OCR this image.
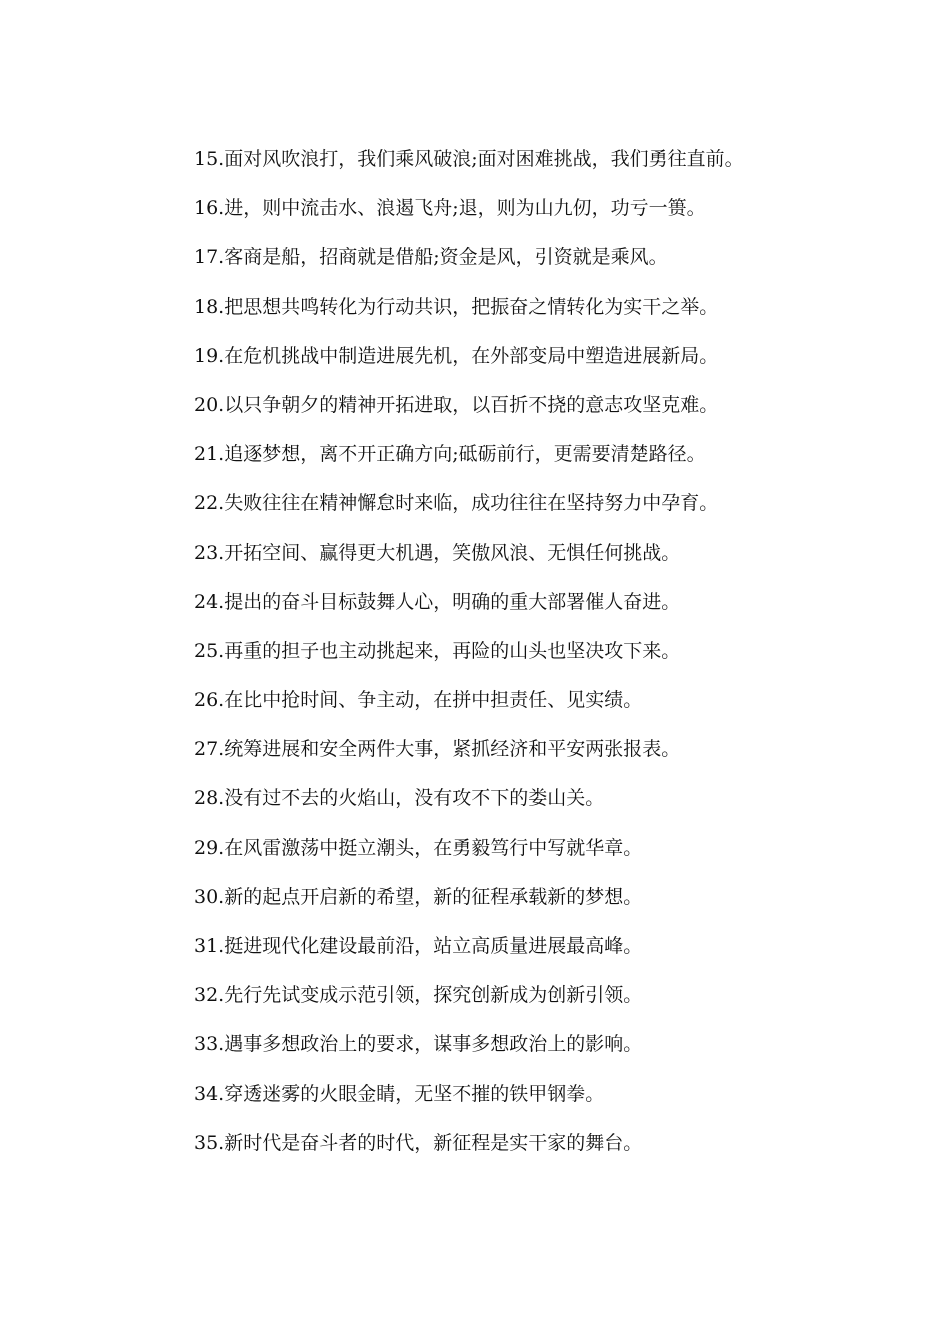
15.面对风吹浪打，我们乘风破浪;面对困难挑战，我们勇往直前。

16.进，则中流击水、浪遏飞舟;退，则为山九仞，功亏一篑。

17.客商是船，招商就是借船;资金是风，引资就是乘风。

18.把思想共鸣转化为行动共识，把振奋之情转化为实干之举。

19.在危机挑战中制造进展先机，在外部变局中塑造进展新局。

20.以只争朝夕的精神开拓进取，以百折不挠的意志攻坚克难。

21.追逐梦想，离不开正确方向;砥砺前行，更需要清楚路径。

22.失败往往在精神懈怠时来临，成功往往在坚持努力中孕育。

23.开拓空间、赢得更大机遇，笑傲风浪、无惧任何挑战。

24.提出的奋斗目标鼓舞人心，明确的重大部署催人奋进。

25.再重的担子也主动挑起来，再险的山头也坚决攻下来。

26.在比中抢时间、争主动，在拼中担责任、见实绩。

27.统筹进展和安全两件大事，紧抓经济和平安两张报表。

28.没有过不去的火焰山，没有攻不下的娄山关。

29.在风雷激荡中挺立潮头，在勇毅笃行中写就华章。

30.新的起点开启新的希望，新的征程承载新的梦想。

31.挺进现代化建设最前沿，站立高质量进展最高峰。

32.先行先试变成示范引领，探究创新成为创新引领。

33.遇事多想政治上的要求，谋事多想政治上的影响。

34.穿透迷雾的火眼金睛，无坚不摧的铁甲钢拳。

35.新时代是奋斗者的时代，新征程是实干家的舞台。
